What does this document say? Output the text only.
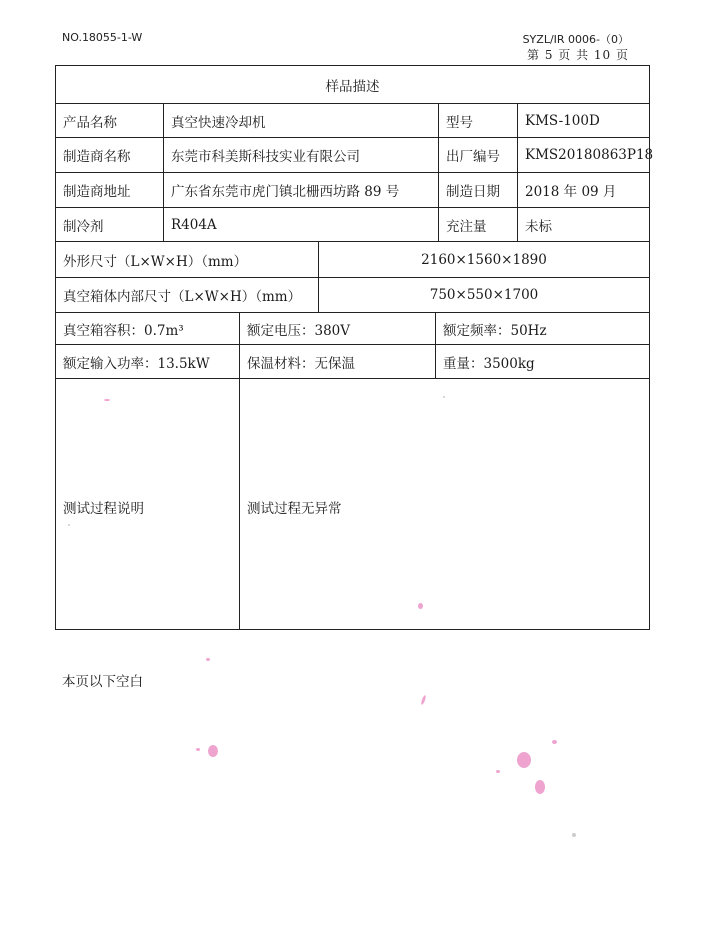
NO.18055-1-W	SYZL/IR 0006-（0）
第 5 页 共 10 页
样品描述
产品名称	真空快速冷却机	型号	KMS-100D
制造商名称	东莞市科美斯科技实业有限公司	出厂编号	KMS20180863P18
制造商地址	广东省东莞市虎门镇北栅西坊路 89 号	制造日期	2018 年 09 月
制冷剂	R404A	充注量	未标
外形尺寸（L×W×H）（mm）	2160×1560×1890
真空箱体内部尺寸（L×W×H）（mm）	750×550×1700
真空箱容积：0.7m³	额定电压：380V	额定频率：50Hz
额定输入功率：13.5kW	保温材料：无保温	重量：3500kg
测试过程说明	测试过程无异常
本页以下空白
